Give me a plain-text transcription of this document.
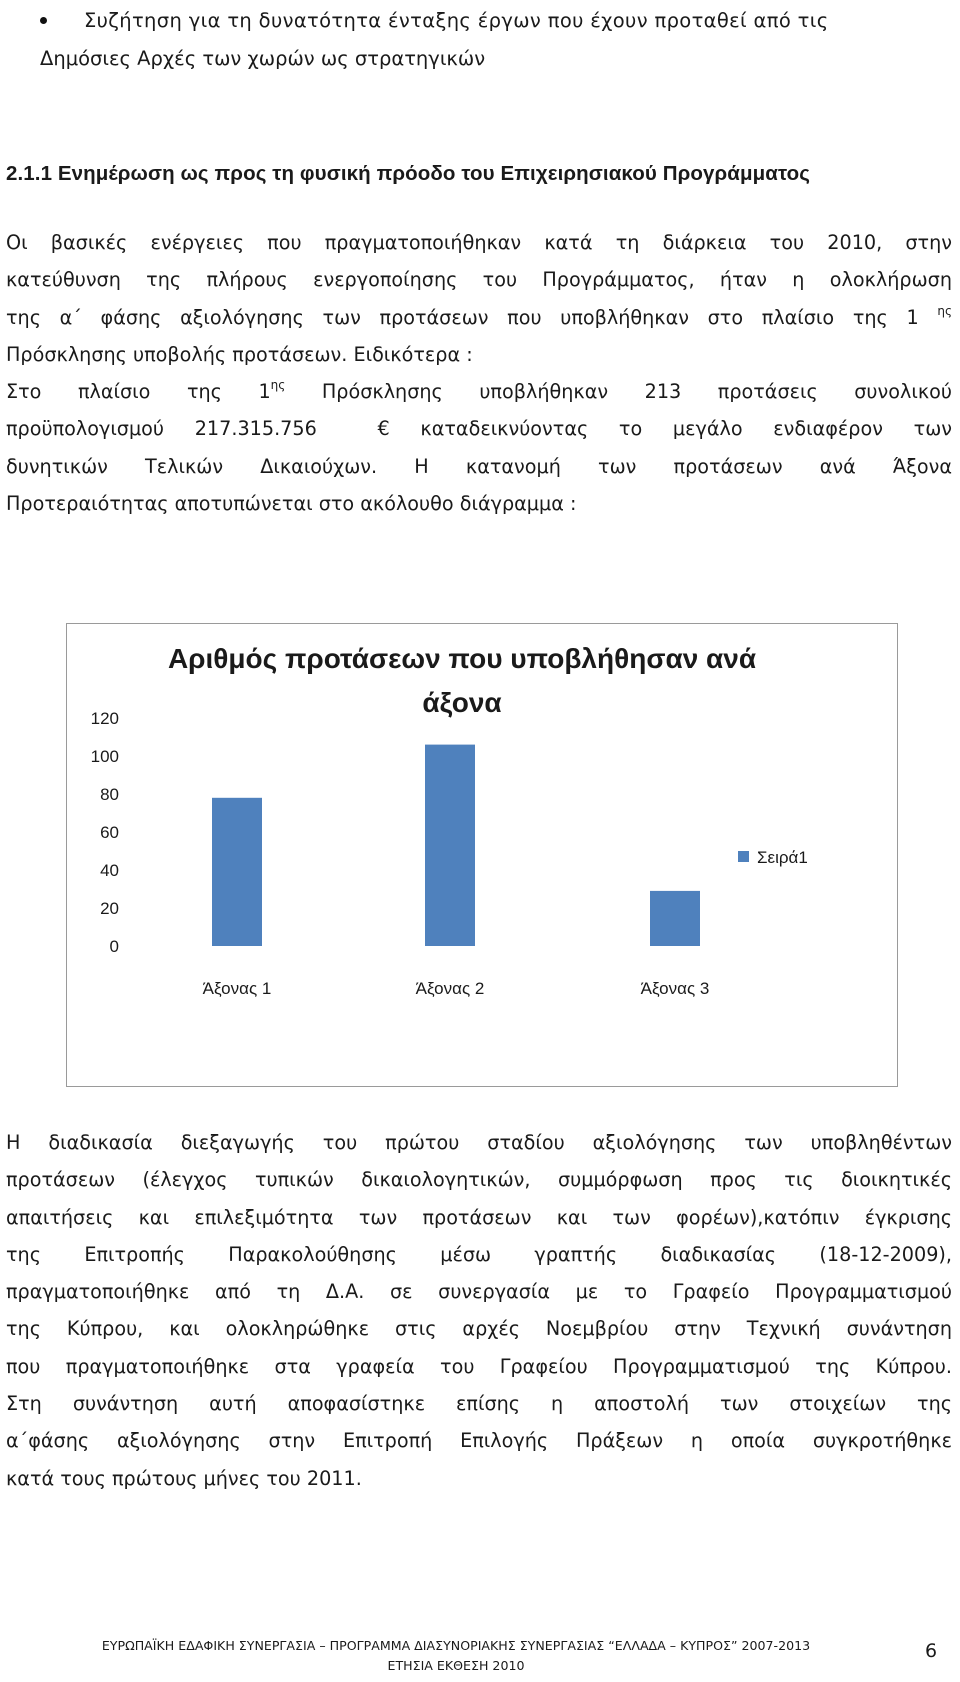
Συζήτηση για τη δυνατότητα ένταξης έργων που έχουν προταθεί από τις
Δημόσιες Αρχές των χωρών ως στρατηγικών
2.1.1 Ενημέρωση ως προς τη φυσική πρόοδο του Επιχειρησιακού Προγράμματος
Οι βασικές ενέργειες που πραγματοποιήθηκαν κατά τη διάρκεια του 2010, στην
κατεύθυνση της πλήρους ενεργοποίησης του Προγράμματος, ήταν η ολοκλήρωση
της α΄ φάσης αξιολόγησης των προτάσεων που υποβλήθηκαν στο πλαίσιο της 1 $^{\eta\varsigma}$
Πρόσκλησης υποβολής προτάσεων. Ειδικότερα :
Στο πλαίσιο της $1^{\eta\varsigma}$ Πρόσκλησης υποβλήθηκαν 213 προτάσεις συνολικού
προϋπολογισμού 217.315.756	€ καταδεικνύοντας το μεγάλο ενδιαφέρον των
δυνητικών Τελικών Δικαιούχων. Η κατανομή των προτάσεων ανά Άξονα
Προτεραιότητας αποτυπώνεται στο ακόλουθο διάγραμμα :
Αριθμός προτάσεων που υποβλήθησαν ανά
άξονα
0
20
40
60
80
100
120
Άξονας 1	Άξονας 2	Άξονας 3
Σειρά1
Η διαδικασία διεξαγωγής του πρώτου σταδίου αξιολόγησης των υποβληθέντων
προτάσεων (έλεγχος τυπικών δικαιολογητικών, συμμόρφωση προς τις διοικητικές
απαιτήσεις και επιλεξιμότητα των προτάσεων και των φορέων),κατόπιν έγκρισης
της Επιτροπής Παρακολούθησης μέσω γραπτής διαδικασίας (18-12-2009),
πραγματοποιήθηκε από τη Δ.Α. σε συνεργασία με το Γραφείο Προγραμματισμού
της Κύπρου, και ολοκληρώθηκε στις αρχές Νοεμβρίου στην Τεχνική συνάντηση
που πραγματοποιήθηκε στα γραφεία του Γραφείου Προγραμματισμού της Κύπρου.
Στη συνάντηση αυτή αποφασίστηκε επίσης η αποστολή των στοιχείων της
α΄φάσης αξιολόγησης στην Επιτροπή Επιλογής Πράξεων η οποία συγκροτήθηκε
κατά τους πρώτους μήνες του 2011.
ΕΥΡΩΠΑΪΚΗ ΕΔΑΦΙΚΗ ΣΥΝΕΡΓΑΣΙΑ – ΠΡΟΓΡΑΜΜΑ ΔΙΑΣΥΝΟΡΙΑΚΗΣ ΣΥΝΕΡΓΑΣΙΑΣ “ΕΛΛΑΔΑ – ΚΥΠΡΟΣ” 2007-2013
ΕΤΗΣΙΑ ΕΚΘΕΣΗ 2010
6
